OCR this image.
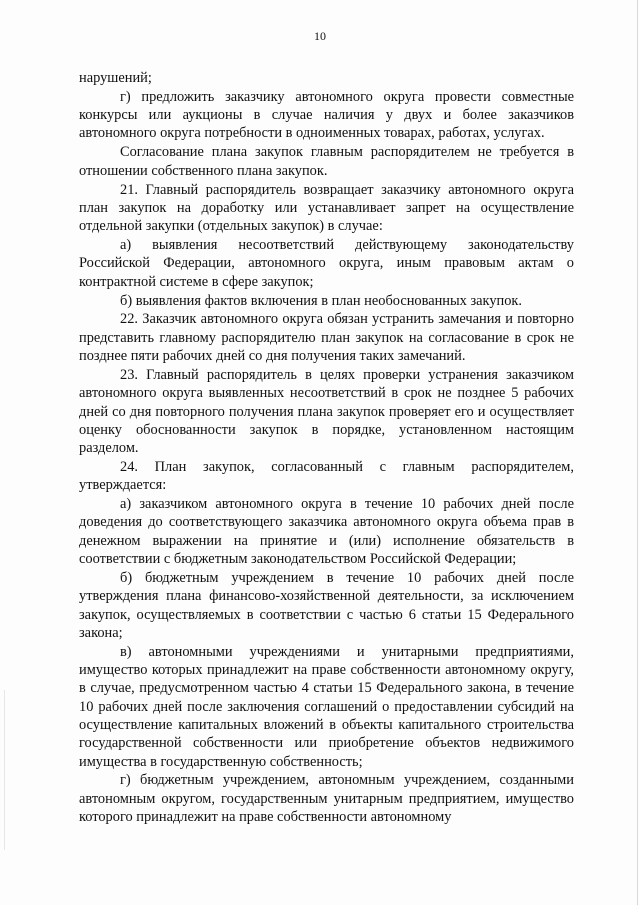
10

нарушений;

г) предложить заказчику автономного округа провести совместные конкурсы или аукционы в случае наличия у двух и более заказчиков автономного округа потребности в одноименных товарах, работах, услугах.

Согласование плана закупок главным распорядителем не требуется в отношении собственного плана закупок.

21. Главный распорядитель возвращает заказчику автономного округа план закупок на доработку или устанавливает запрет на осуществление отдельной закупки (отдельных закупок) в случае:

а) выявления несоответствий действующему законодательству Российской Федерации, автономного округа, иным правовым актам о контрактной системе в сфере закупок;

б) выявления фактов включения в план необоснованных закупок.

22. Заказчик автономного округа обязан устранить замечания и повторно представить главному распорядителю план закупок на согласование в срок не позднее пяти рабочих дней со дня получения таких замечаний.

23. Главный распорядитель в целях проверки устранения заказчиком автономного округа выявленных несоответствий в срок не позднее 5 рабочих дней со дня повторного получения плана закупок проверяет его и осуществляет оценку обоснованности закупок в порядке, установленном настоящим разделом.

24. План закупок, согласованный с главным распорядителем, утверждается:

а) заказчиком автономного округа в течение 10 рабочих дней после доведения до соответствующего заказчика автономного округа объема прав в денежном выражении на принятие и (или) исполнение обязательств в соответствии с бюджетным законодательством Российской Федерации;

б) бюджетным учреждением в течение 10 рабочих дней после утверждения плана финансово-хозяйственной деятельности, за исключением закупок, осуществляемых в соответствии с частью 6 статьи 15 Федерального закона;

в) автономными учреждениями и унитарными предприятиями, имущество которых принадлежит на праве собственности автономному округу, в случае, предусмотренном частью 4 статьи 15 Федерального закона, в течение 10 рабочих дней после заключения соглашений о предоставлении субсидий на осуществление капитальных вложений в объекты капитального строительства государственной собственности или приобретение объектов недвижимого имущества в государственную собственность;

г) бюджетным учреждением, автономным учреждением, созданными автономным округом, государственным унитарным предприятием, имущество которого принадлежит на праве собственности автономному
